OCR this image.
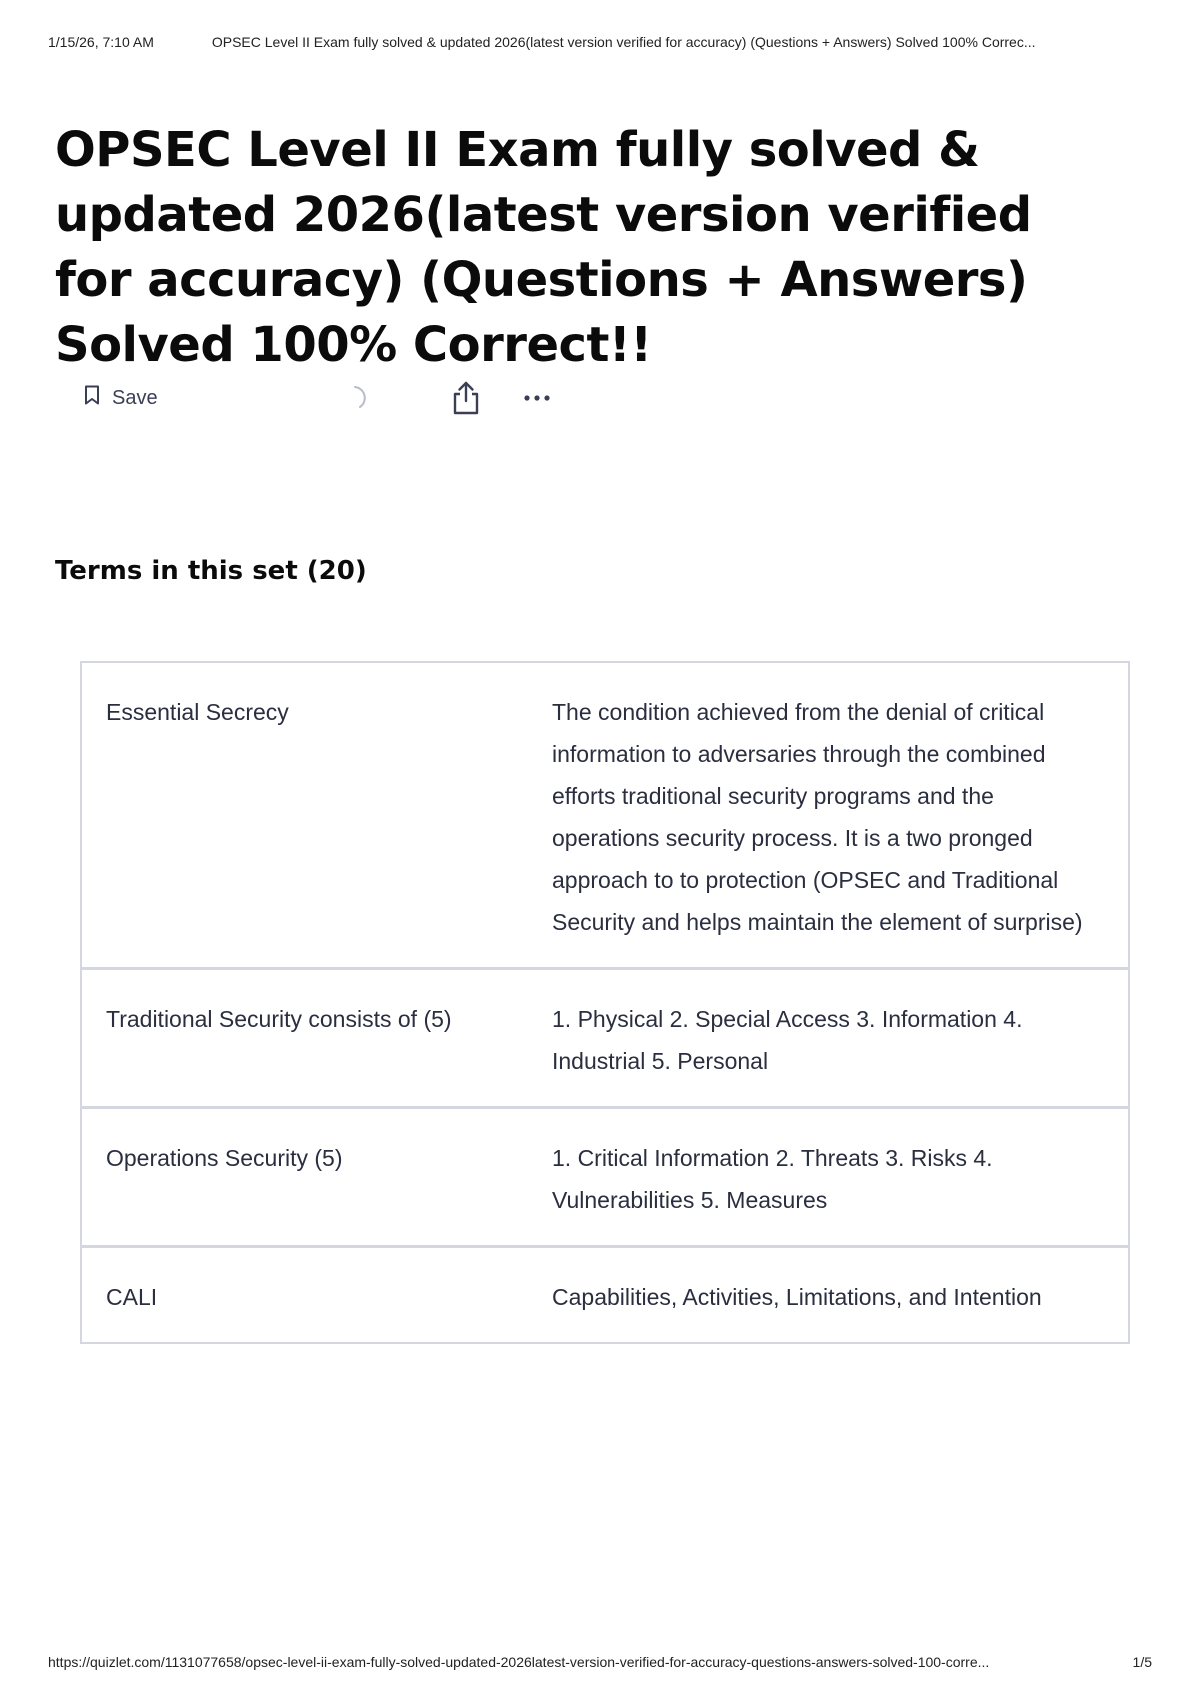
1/15/26, 7:10 AM	OPSEC Level II Exam fully solved & updated 2026(latest version verified for accuracy) (Questions + Answers) Solved 100% Correc...
OPSEC Level II Exam fully solved & updated 2026(latest version verified for accuracy) (Questions + Answers) Solved 100% Correct!!
Save
Terms in this set (20)
Essential Secrecy	The condition achieved from the denial of critical information to adversaries through the combined efforts traditional security programs and the operations security process. It is a two pronged approach to to protection (OPSEC and Traditional Security and helps maintain the element of surprise)
Traditional Security consists of (5)	1. Physical 2. Special Access 3. Information 4. Industrial 5. Personal
Operations Security (5)	1. Critical Information 2. Threats 3. Risks 4. Vulnerabilities 5. Measures
CALI	Capabilities, Activities, Limitations, and Intention
https://quizlet.com/1131077658/opsec-level-ii-exam-fully-solved-updated-2026latest-version-verified-for-accuracy-questions-answers-solved-100-corre...	1/5
